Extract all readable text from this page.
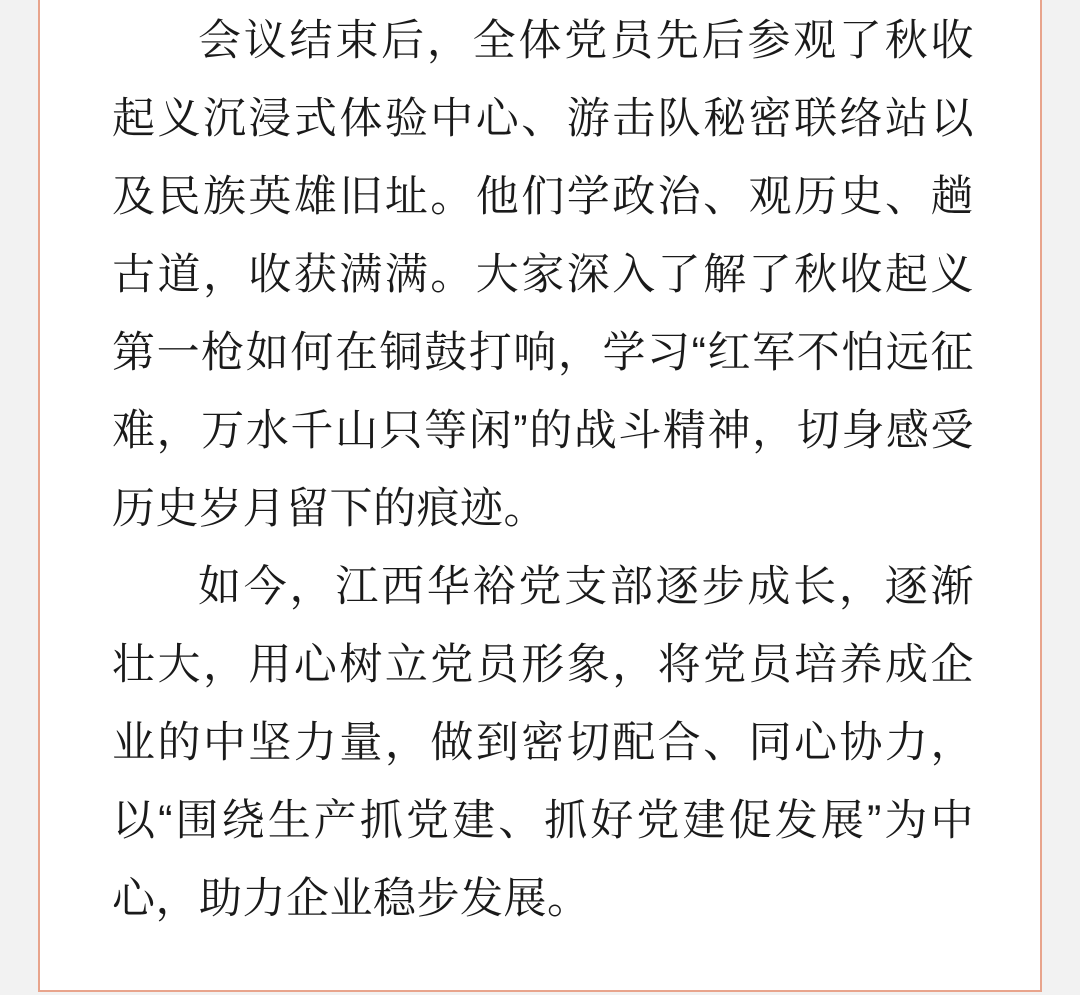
会议结束后，全体党员先后参观了秋收起义沉浸式体验中心、游击队秘密联络站以及民族英雄旧址。他们学政治、观历史、趟古道，收获满满。大家深入了解了秋收起义第一枪如何在铜鼓打响，学习“红军不怕远征难，万水千山只等闲”的战斗精神，切身感受历史岁月留下的痕迹。

如今，江西华裕党支部逐步成长，逐渐壮大，用心树立党员形象，将党员培养成企业的中坚力量，做到密切配合、同心协力，以“围绕生产抓党建、抓好党建促发展”为中心，助力企业稳步发展。
